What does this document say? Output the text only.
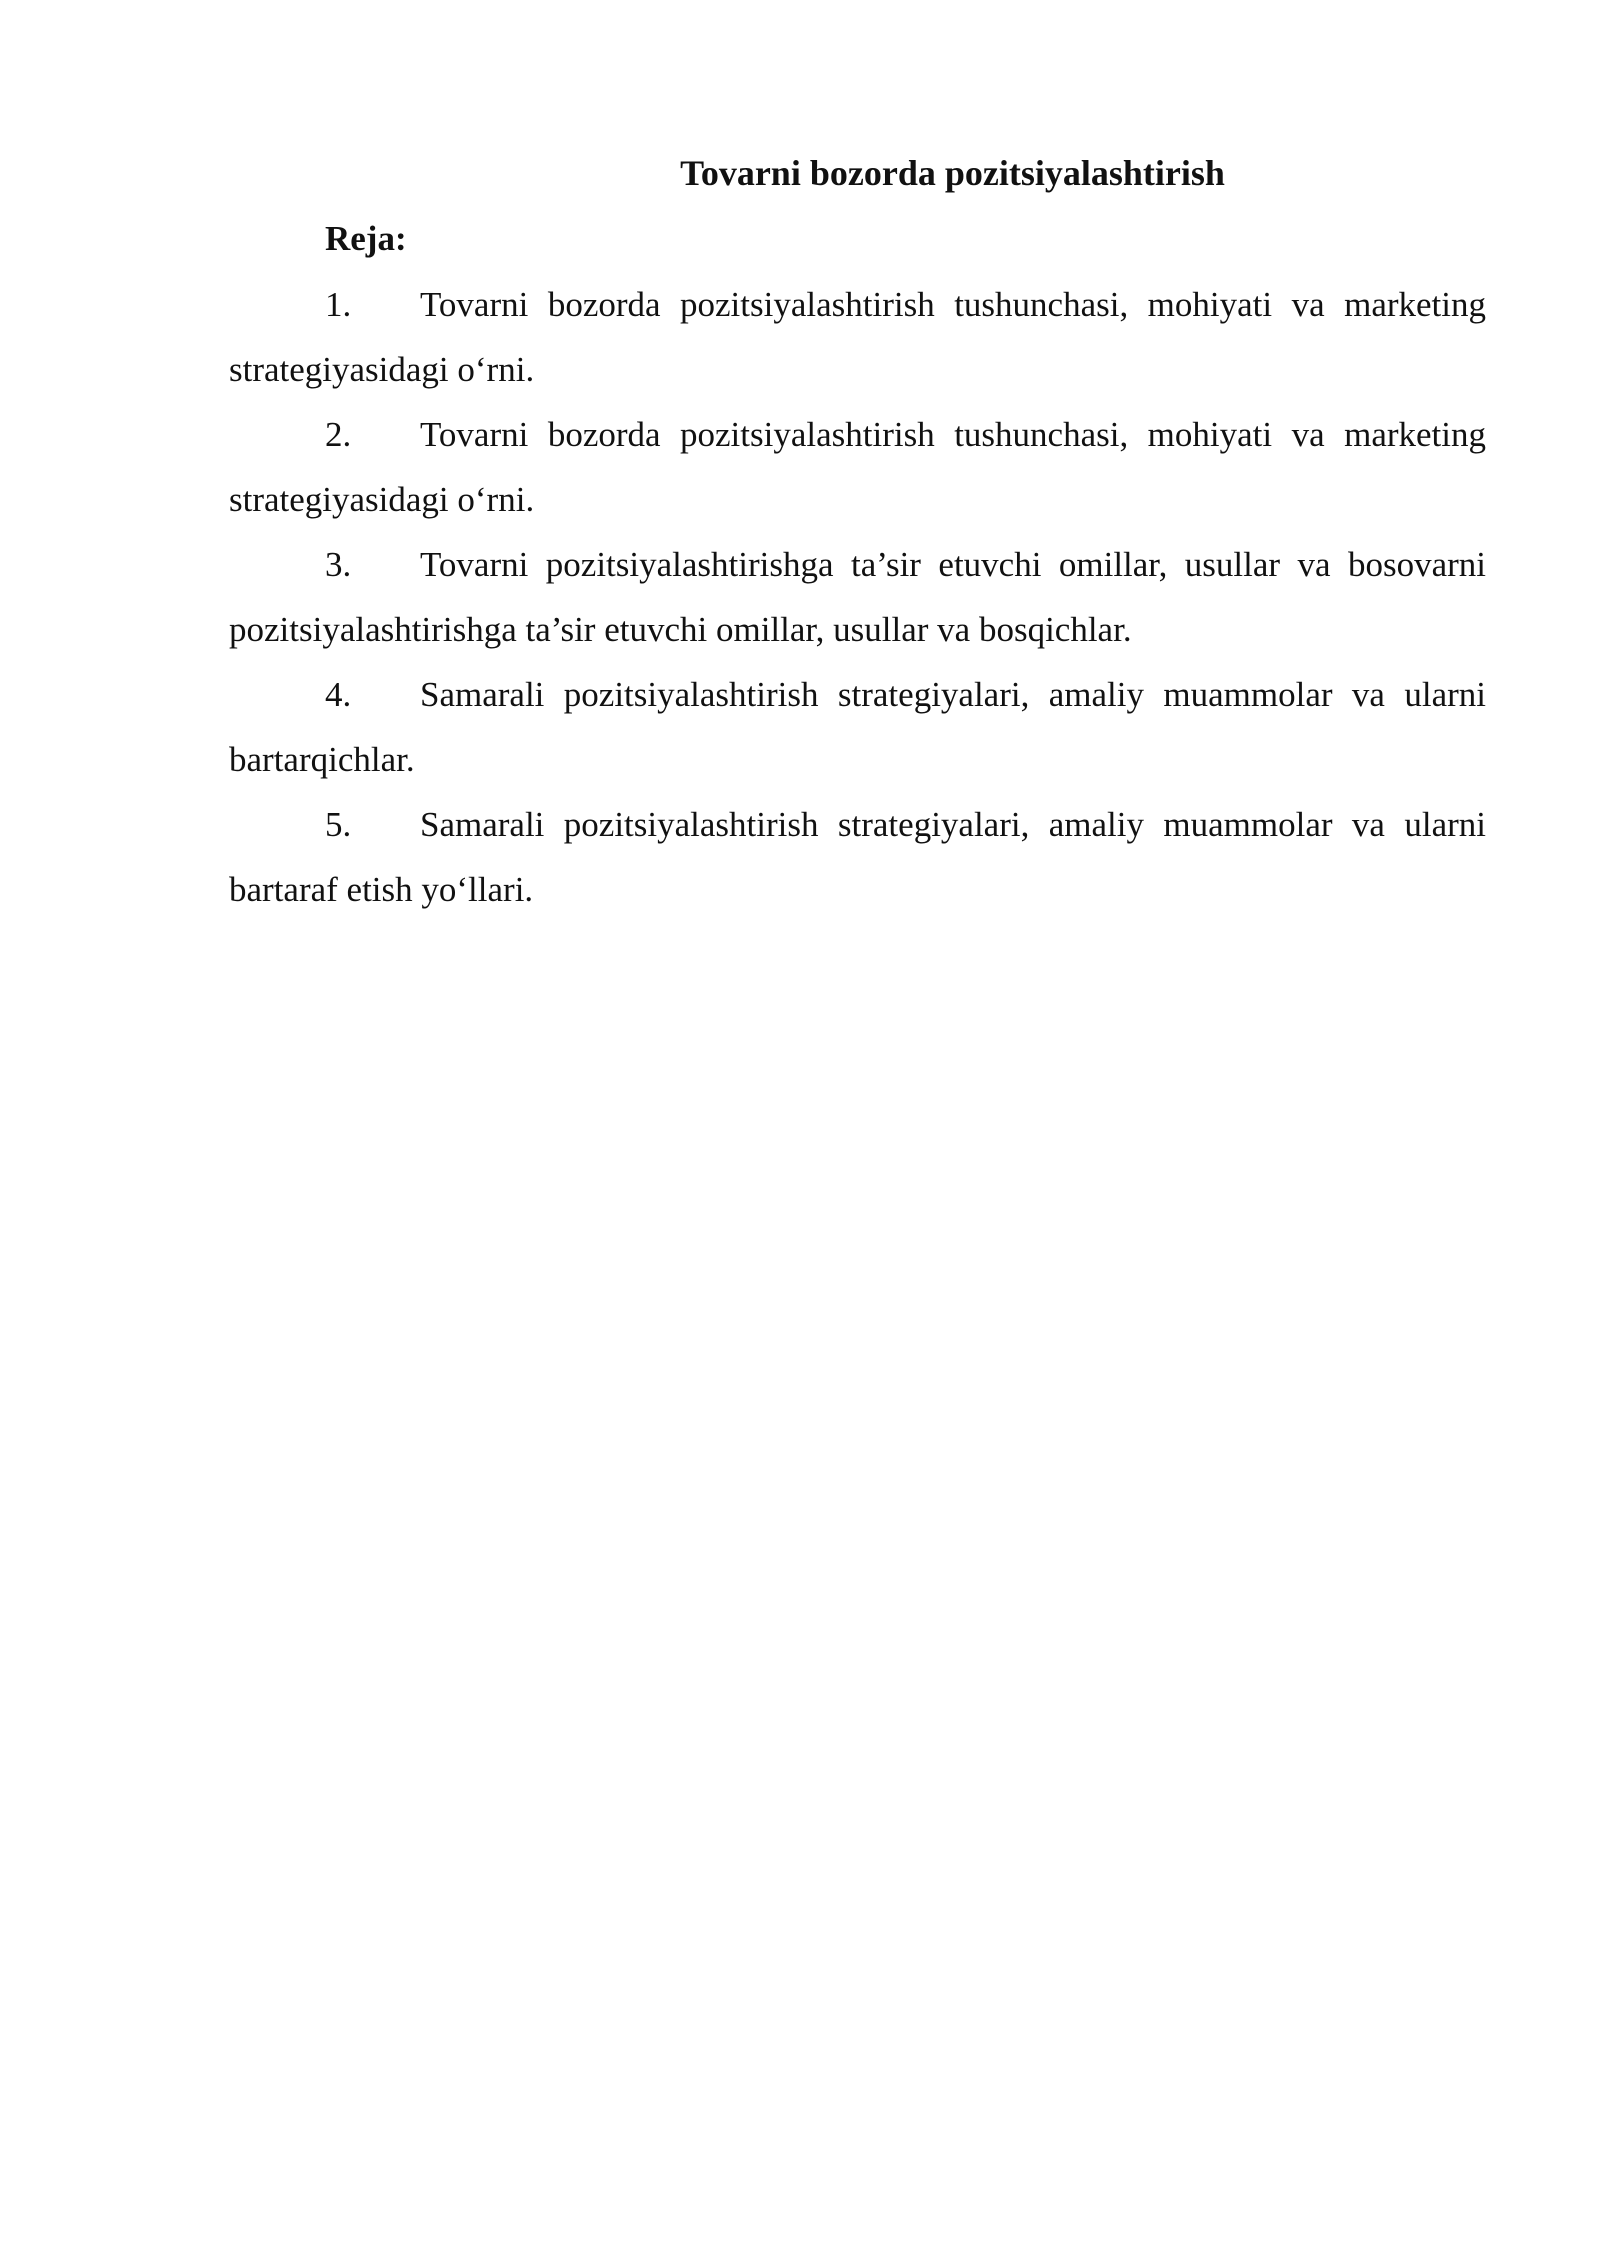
Tovarni bozorda pozitsiyalashtirish

Reja:

1. Tovarni bozorda pozitsiyalashtirish tushunchasi, mohiyati va marketing strategiyasidagi o‘rni.

2. Tovarni bozorda pozitsiyalashtirish tushunchasi, mohiyati va marketing strategiyasidagi o‘rni.

3. Tovarni pozitsiyalashtirishga ta’sir etuvchi omillar, usullar va bosovarni pozitsiyalashtirishga ta’sir etuvchi omillar, usullar va bosqichlar.

4. Samarali pozitsiyalashtirish strategiyalari, amaliy muammolar va ularni bartarqichlar.

5. Samarali pozitsiyalashtirish strategiyalari, amaliy muammolar va ularni bartaraf etish yo‘llari.
